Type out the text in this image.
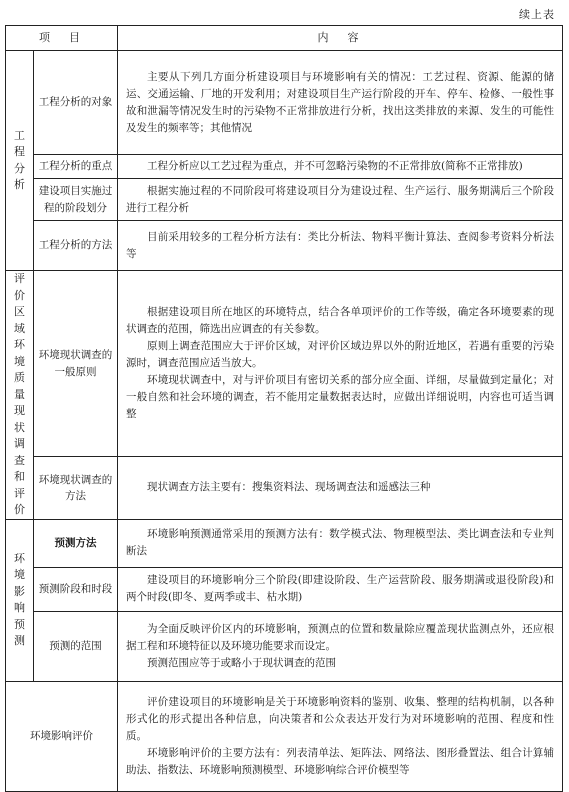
续上表
项　目		内　容

工程分析	工程分析的对象	主要从下列几方面分析建设项目与环境影响有关的情况：工艺过程、资源、能源的储运、交通运输、厂地的开发利用；对建设项目生产运行阶段的开车、停车、检修、一般性事故和泄漏等情况发生时的污染物不正常排放进行分析，找出这类排放的来源、发生的可能性及发生的频率等；其他情况

	工程分析的重点	工程分析应以工艺过程为重点，并不可忽略污染物的不正常排放(简称不正常排放)

	建设项目实施过程的阶段划分	根据实施过程的不同阶段可将建设项目分为建设过程、生产运行、服务期满后三个阶段进行工程分析

	工程分析的方法	目前采用较多的工程分析方法有：类比分析法、物料平衡计算法、查阅参考资料分析法等

评价区域环境质量现状调查和评价	环境现状调查的一般原则	根据建设项目所在地区的环境特点，结合各单项评价的工作等级，确定各环境要素的现状调查的范围，筛选出应调查的有关参数。

原则上调查范围应大于评价区域，对评价区域边界以外的附近地区，若遇有重要的污染源时，调查范围应适当放大。

环境现状调查中，对与评价项目有密切关系的部分应全面、详细，尽量做到定量化；对一般自然和社会环境的调查，若不能用定量数据表达时，应做出详细说明，内容也可适当调整

	环境现状调查的方法	现状调查方法主要有：搜集资料法、现场调查法和遥感法三种

环境影响预测	预测方法	环境影响预测通常采用的预测方法有：数学模式法、物理模型法、类比调查法和专业判断法

	预测阶段和时段	建设项目的环境影响分三个阶段(即建设阶段、生产运营阶段、服务期满或退役阶段)和两个时段(即冬、夏两季或丰、枯水期)

	预测的范围	为全面反映评价区内的环境影响，预测点的位置和数量除应覆盖现状监测点外，还应根据工程和环境特征以及环境功能要求而设定。

预测范围应等于或略小于现状调查的范围

环境影响评价		评价建设项目的环境影响是关于环境影响资料的鉴别、收集、整理的结构机制，以各种形式化的形式提出各种信息，向决策者和公众表达开发行为对环境影响的范围、程度和性质。

环境影响评价的主要方法有：列表清单法、矩阵法、网络法、图形叠置法、组合计算辅助法、指数法、环境影响预测模型、环境影响综合评价模型等
